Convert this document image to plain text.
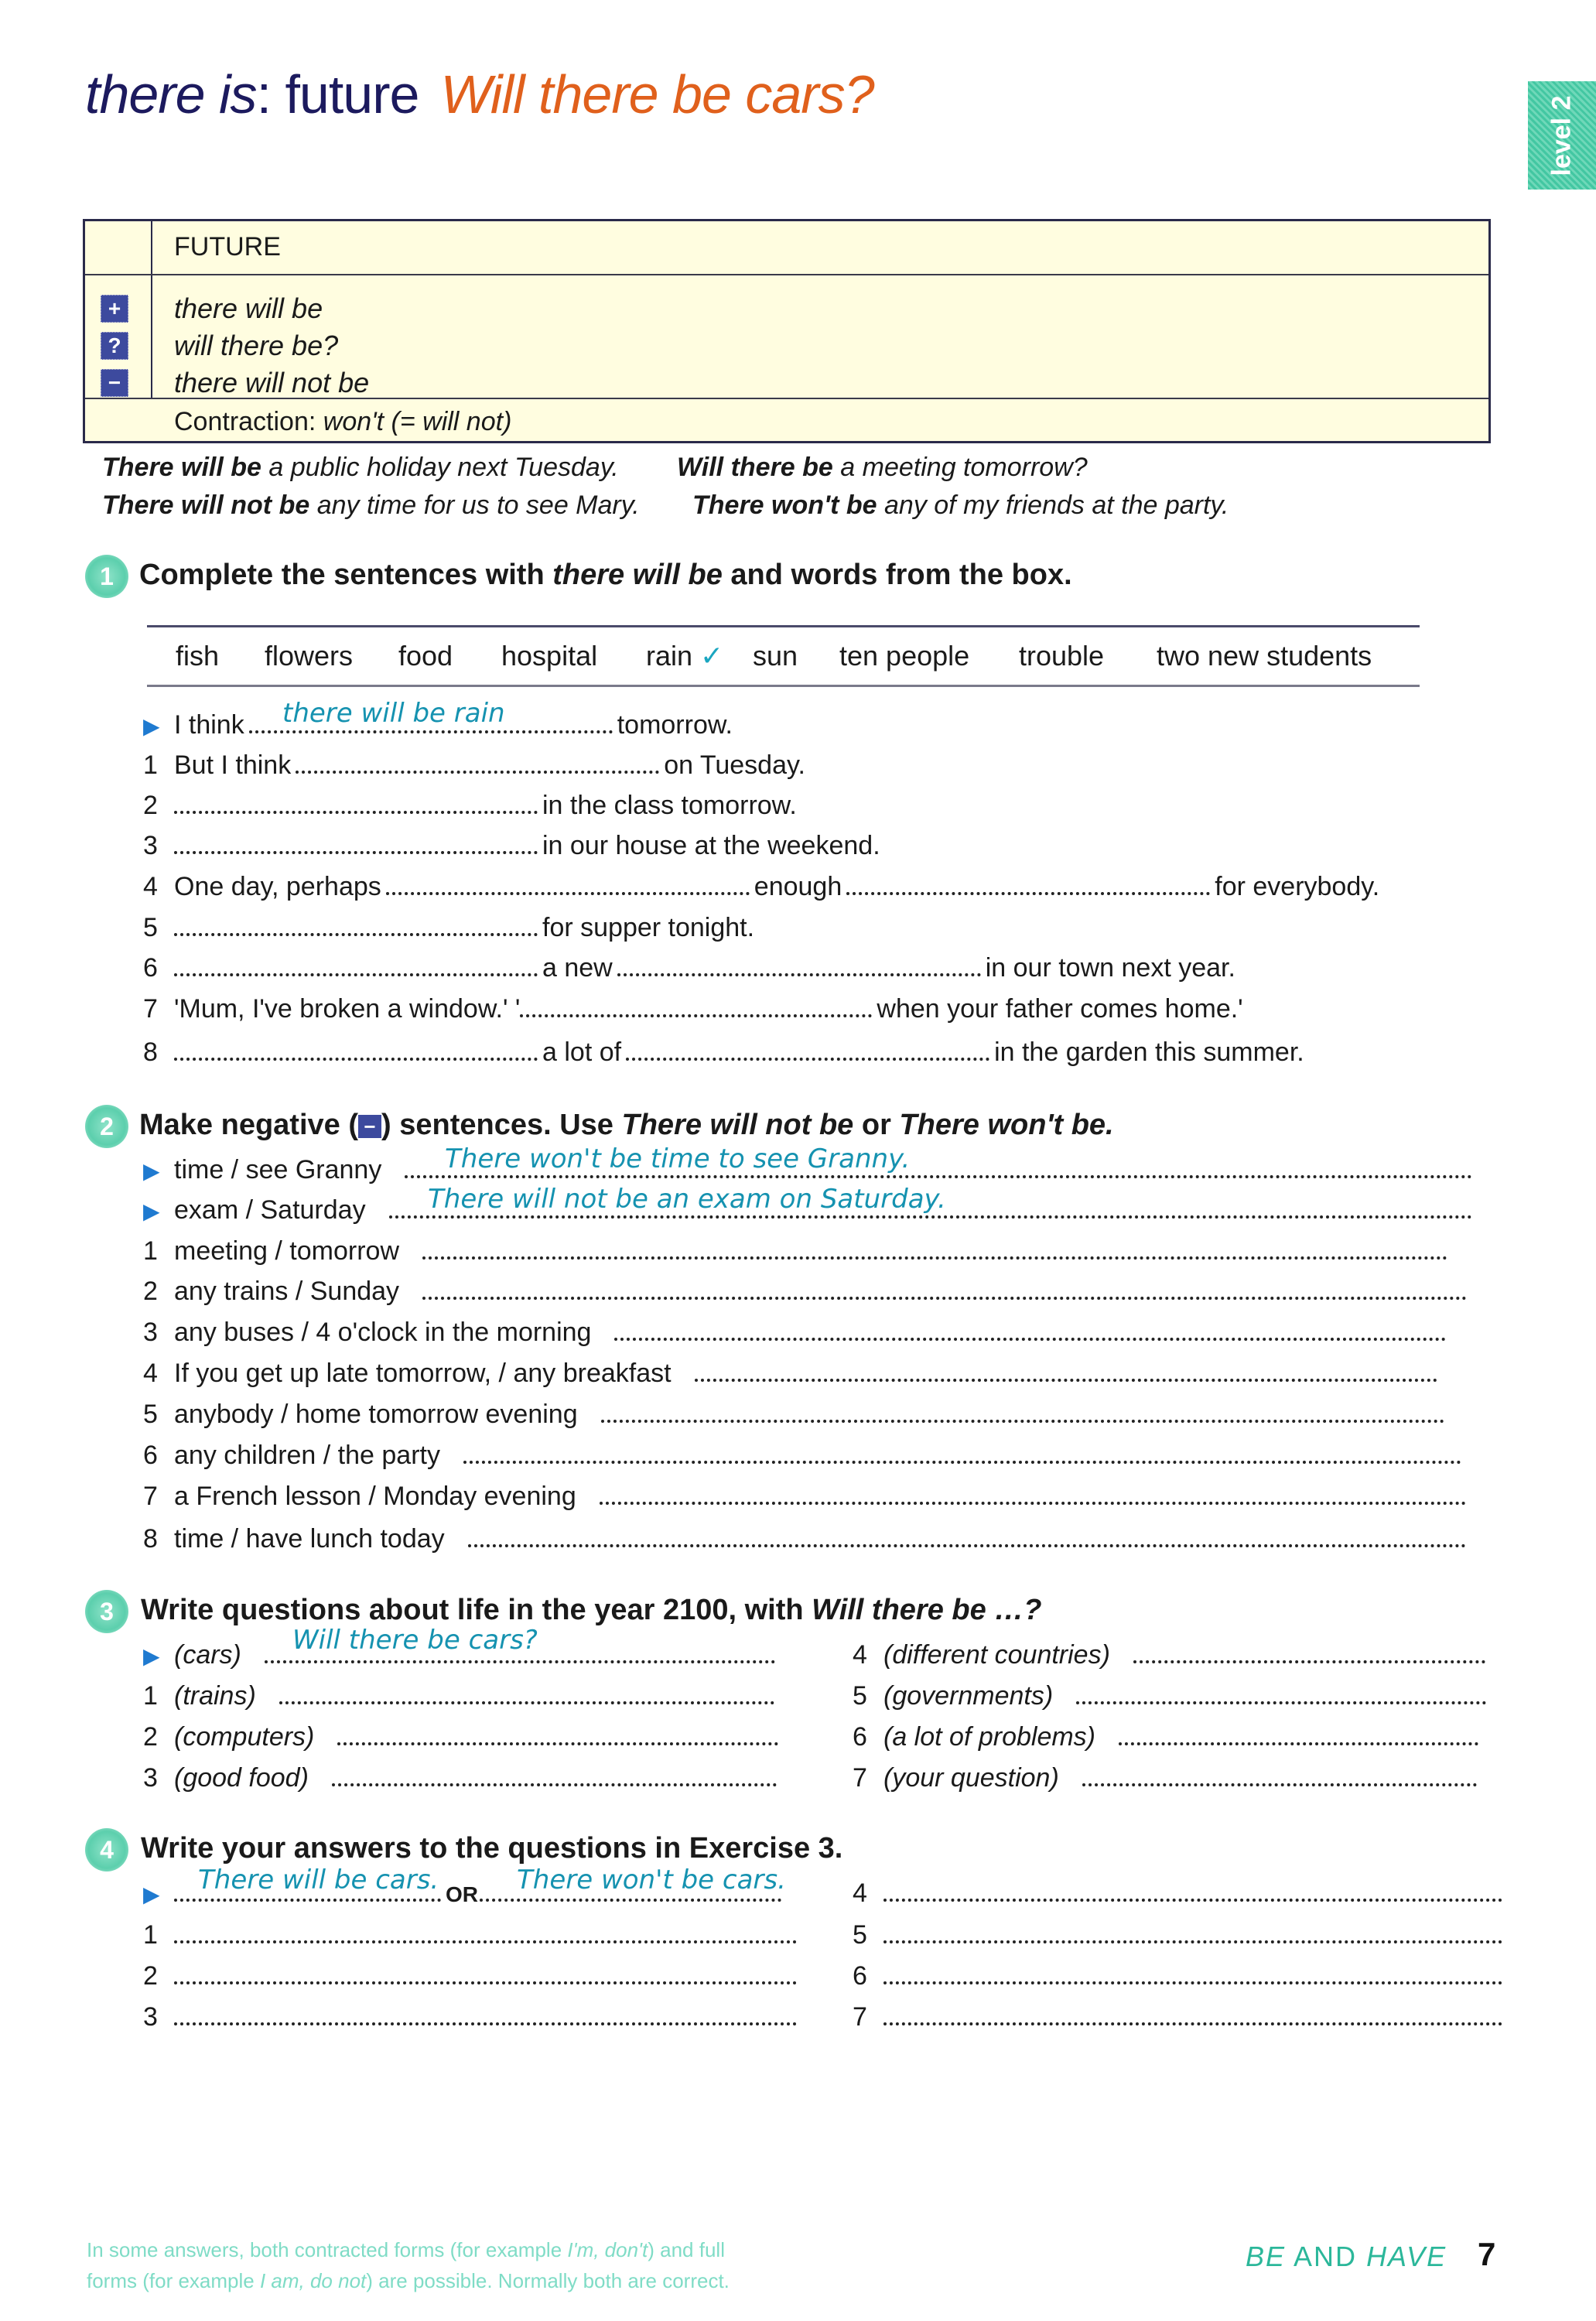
there is: future Will there be cars?
level 2
FUTURE
+ there will be
? will there be?
− there will not be
Contraction: won't (= will not)
There will be a public holiday next Tuesday. Will there be a meeting tomorrow?
There will not be any time for us to see Mary. There won't be any of my friends at the party.
1 Complete the sentences with there will be and words from the box.
fish flowers food hospital rain ✓ sun ten people trouble two new students
▶ I think	tomorrow.
there will be rain
1 But I think	on Tuesday.
2	in the class tomorrow.
3	in our house at the weekend.
4 One day, perhaps	enough	for everybody.
5	for supper tonight.
6	a new	in our town next year.
7 'Mum, I've broken a window.' '	when your father comes home.'
8	a lot of	in the garden this summer.
2 Make negative ( − ) sentences. Use There will not be or There won't be.
▶ time / see Granny	There won't be time to see Granny.
▶ exam / Saturday	There will not be an exam on Saturday.
1 meeting / tomorrow
2 any trains / Sunday
3 any buses / 4 o'clock in the morning
4 If you get up late tomorrow, / any breakfast
5 anybody / home tomorrow evening
6 any children / the party
7 a French lesson / Monday evening
8 time / have lunch today
3 Write questions about life in the year 2100, with Will there be …?
▶ (cars)	Will there be cars?
1 (trains)
2 (computers)
3 (good food)
4 (different countries)
5 (governments)
6 (a lot of problems)
7 (your question)
4 Write your answers to the questions in Exercise 3.
▶	OR
There will be cars.	There won't be cars.
1
2
3
4
5
6
7
In some answers, both contracted forms (for example I'm, don't) and full
forms (for example I am, do not) are possible. Normally both are correct.
BE AND HAVE 7
